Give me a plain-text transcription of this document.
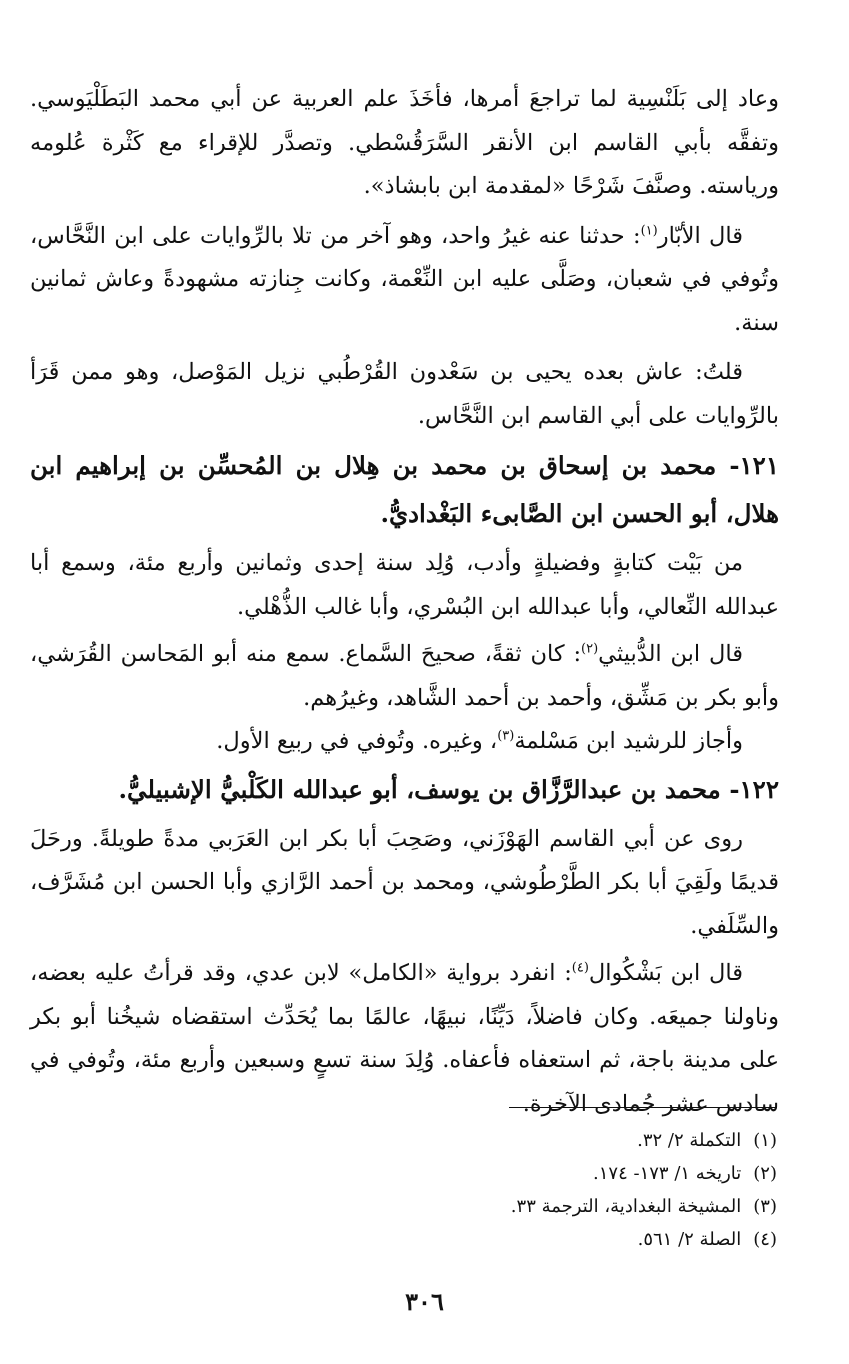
وعاد إلى بَلَنْسِية لما تراجعَ أمرها، فأخَذَ علم العربية عن أبي محمد البَطَلْيَوسي. وتفقَّه بأبي القاسم ابن الأنقر السَّرَقُسْطي. وتصدَّر للإقراء مع كَثْرة عُلومه ورياسته. وصنَّفَ شَرْحًا «لمقدمة ابن بابشاذ».

قال الأبّار$^{(١)}$: حدثنا عنه غيرُ واحد، وهو آخر من تلا بالرِّوايات على ابن النَّحَّاس، وتُوفي في شعبان، وصَلَّى عليه ابن النِّعْمة، وكانت جِنازته مشهودةً وعاش ثمانين سنة.

قلتُ: عاش بعده يحيى بن سَعْدون القُرْطُبي نزيل المَوْصل، وهو ممن قَرَأ بالرِّوايات على أبي القاسم ابن النَّحَّاس.

١٢١- محمد بن إسحاق بن محمد بن هِلال بن المُحسِّن بن إبراهيم ابن هلال، أبو الحسن ابن الصَّابىء البَغْداديُّ.

من بَيْت كتابةٍ وفضيلةٍ وأدب، وُلِد سنة إحدى وثمانين وأربع مئة، وسمع أبا عبدالله النِّعالي، وأبا عبدالله ابن البُسْري، وأبا غالب الذُّهْلي.

قال ابن الدُّبيثي$^{(٢)}$: كان ثقةً، صحيحَ السَّماع. سمع منه أبو المَحاسن القُرَشي، وأبو بكر بن مَشِّق، وأحمد بن أحمد الشَّاهد، وغيرُهم.

وأجاز للرشيد ابن مَسْلمة$^{(٣)}$، وغيره. وتُوفي في ربيع الأول.

١٢٢- محمد بن عبدالرَّزَّاق بن يوسف، أبو عبدالله الكَلْبيُّ الإشبيليُّ.

روى عن أبي القاسم الهَوْزَني، وصَحِبَ أبا بكر ابن العَرَبي مدةً طويلةً. ورحَلَ قديمًا ولَقِيَ أبا بكر الطَّرْطُوشي، ومحمد بن أحمد الرَّازي وأبا الحسن ابن مُشَرَّف، والسِّلَفي.

قال ابن بَشْكُوال$^{(٤)}$: انفرد برواية «الكامل» لابن عدي، وقد قرأتُ عليه بعضه، وناولنا جميعَه. وكان فاضلاً، دَيِّنًا، نبيهًا، عالمًا بما يُحَدِّث استقضاه شيخُنا أبو بكر على مدينة باجة، ثم استعفاه فأعفاه. وُلِدَ سنة تسعٍ وسبعين وأربع مئة، وتُوفي في سادس عشر جُمادى الآخرة.

(١)التكملة ٢/ ٣٢.
(٢)تاريخه ١/ ١٧٣- ١٧٤.
(٣)المشيخة البغدادية، الترجمة ٣٣.
(٤)الصلة ٢/ ٥٦١.
٣٠٦
